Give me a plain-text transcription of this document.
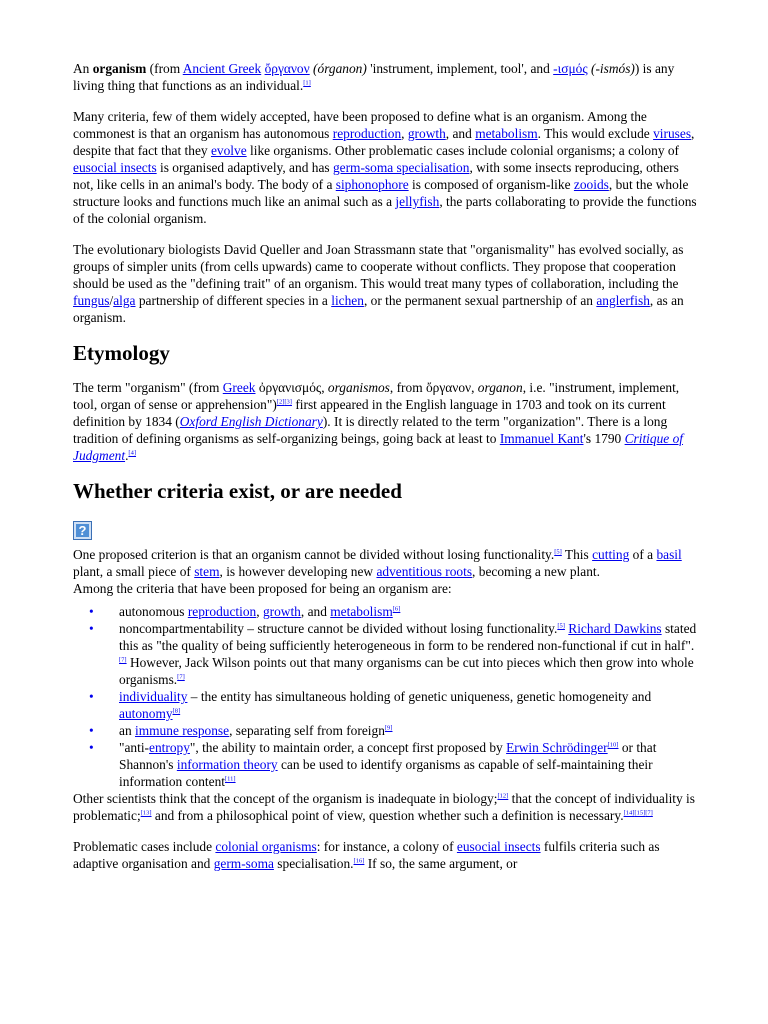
An organism (from Ancient Greek ὄργανον (órganon) 'instrument, implement, tool', and -ισμός (-ismós)) is any living thing that functions as an individual.[1]

Many criteria, few of them widely accepted, have been proposed to define what is an organism. Among the commonest is that an organism has autonomous reproduction, growth, and metabolism. This would exclude viruses, despite that fact that they evolve like organisms. Other problematic cases include colonial organisms; a colony of eusocial insects is organised adaptively, and has germ-soma specialisation, with some insects reproducing, others not, like cells in an animal's body. The body of a siphonophore is composed of organism-like zooids, but the whole structure looks and functions much like an animal such as a jellyfish, the parts collaborating to provide the functions of the colonial organism.

The evolutionary biologists David Queller and Joan Strassmann state that "organismality" has evolved socially, as groups of simpler units (from cells upwards) came to cooperate without conflicts. They propose that cooperation should be used as the "defining trait" of an organism. This would treat many types of collaboration, including the fungus/alga partnership of different species in a lichen, or the permanent sexual partnership of an anglerfish, as an organism.

Etymology

The term "organism" (from Greek ὀργανισμός, organismos, from ὄργανον, organon, i.e. "instrument, implement, tool, organ of sense or apprehension")[2][3] first appeared in the English language in 1703 and took on its current definition by 1834 (Oxford English Dictionary). It is directly related to the term "organization". There is a long tradition of defining organisms as self-organizing beings, going back at least to Immanuel Kant's 1790 Critique of Judgment.[4]

Whether criteria exist, or are needed
?

One proposed criterion is that an organism cannot be divided without losing functionality.[5] This cutting of a basil plant, a small piece of stem, is however developing new adventitious roots, becoming a new plant.

Among the criteria that have been proposed for being an organism are:

• autonomous reproduction, growth, and metabolism[6]
• noncompartmentability – structure cannot be divided without losing functionality.[5] Richard Dawkins stated this as "the quality of being sufficiently heterogeneous in form to be rendered non-functional if cut in half".[7] However, Jack Wilson points out that many organisms can be cut into pieces which then grow into whole organisms.[7]
• individuality – the entity has simultaneous holding of genetic uniqueness, genetic homogeneity and autonomy[8]
• an immune response, separating self from foreign[9]
• "anti-entropy", the ability to maintain order, a concept first proposed by Erwin Schrödinger[10] or that Shannon's information theory can be used to identify organisms as capable of self-maintaining their information content[11]

Other scientists think that the concept of the organism is inadequate in biology;[12] that the concept of individuality is problematic;[13] and from a philosophical point of view, question whether such a definition is necessary.[14][15][7]

Problematic cases include colonial organisms: for instance, a colony of eusocial insects fulfils criteria such as adaptive organisation and germ-soma specialisation.[16] If so, the same argument, or
